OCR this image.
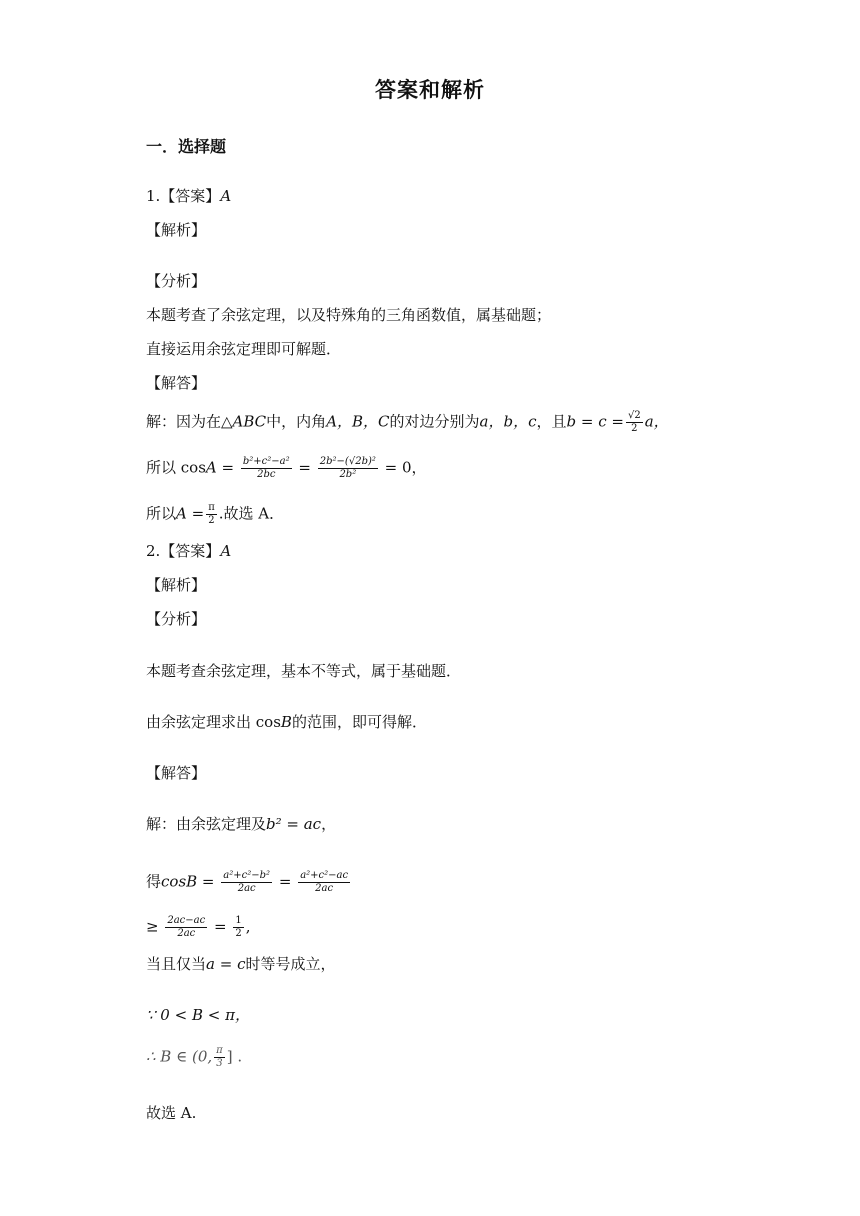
答案和解析
一．选择题
1.【答案】A
【解析】
【分析】
本题考查了余弦定理，以及特殊角的三角函数值，属基础题；
直接运用余弦定理即可解题．
【解答】
解：因为在△ABC中，内角A，B，C的对边分别为a，b，c，且$b = c = \frac{√2}{2}$ a，
所以 $\cos A = \frac{\text{b²+c²−a²}}{2bc} = \frac{\text{2b²−(√2b)²}}{\text{2b²}} = 0$，
所以$A = \frac{\pi}{2}$ .故选 A．
2.【答案】A
【解析】
【分析】
本题考查余弦定理，基本不等式，属于基础题．
由余弦定理求出 cosB的范围，即可得解．
【解答】
解：由余弦定理及b² = ac，
得$\cos B = \frac{\text{a²+c²−b²}}{2ac} = \frac{\text{a²+c²−ac}}{2ac}$
≥ $\frac{2ac-ac}{2ac} = \frac{1}{2}$ ,
当且仅当a = c时等号成立，
∵ 0 < B < π，
∴ B ∈ (0, $\frac{\pi}{3}$ ] .
故选 A.
